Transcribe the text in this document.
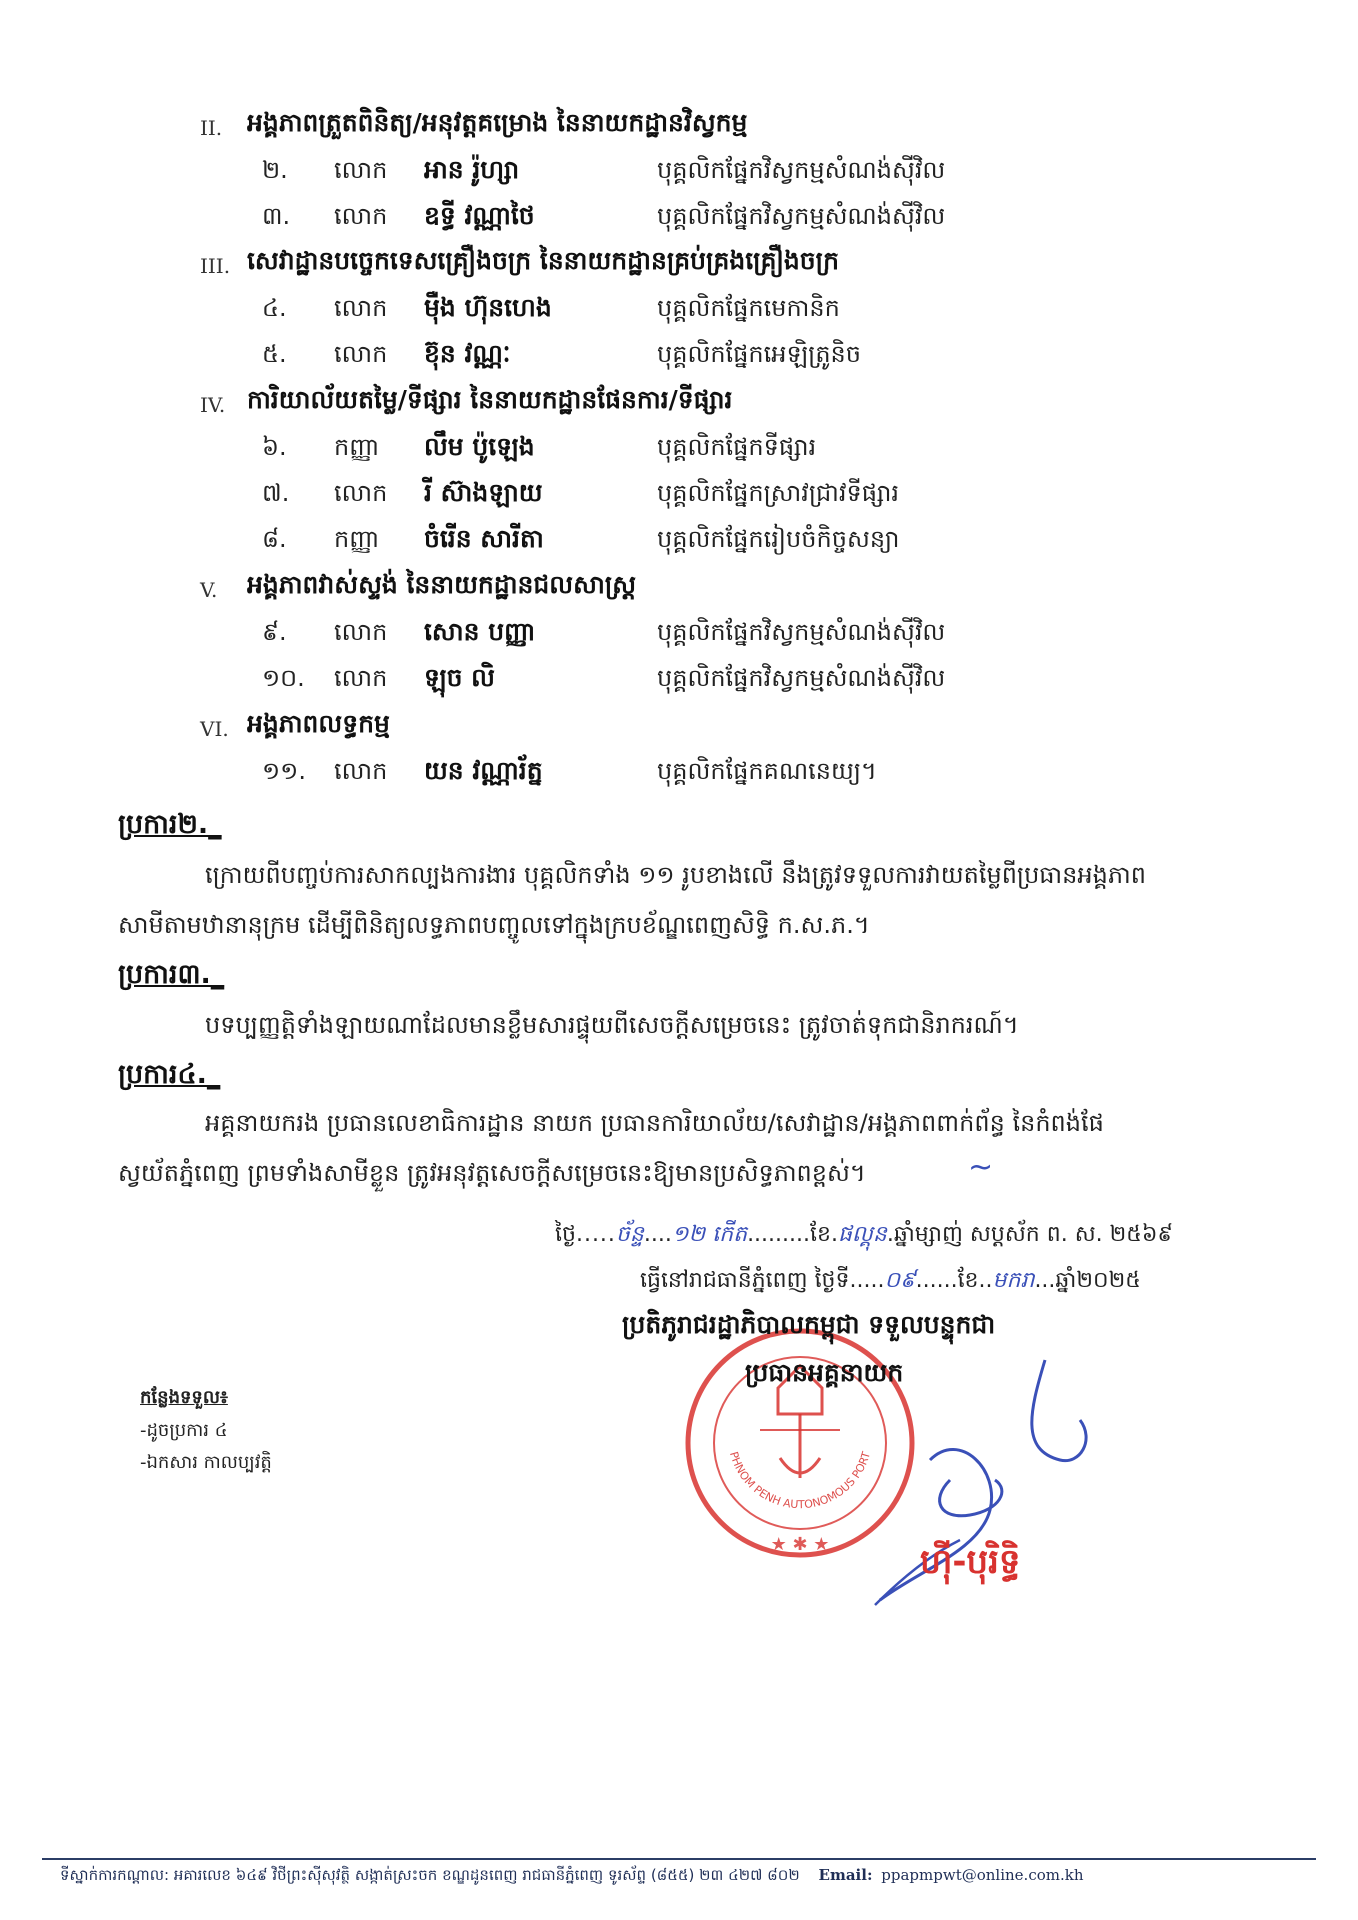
II. អង្គភាពត្រួតពិនិត្យ/អនុវត្តគម្រោង នៃនាយកដ្ឋានវិស្វកម្ម
២. លោក អាន រ៉ូហ្សា	បុគ្គលិកផ្នែកវិស្វកម្មសំណង់ស៊ីវិល
៣. លោក ឧទ្ធី វណ្ណាថៃ	បុគ្គលិកផ្នែកវិស្វកម្មសំណង់ស៊ីវិល
III. សេវាដ្ឋានបច្ចេកទេសគ្រឿងចក្រ នៃនាយកដ្ឋានគ្រប់គ្រងគ្រឿងចក្រ
៤. លោក ម៉ឺង ហ៊ុនហេង	បុគ្គលិកផ្នែកមេកានិក
៥. លោក ខ៊ុន វណ្ណៈ	បុគ្គលិកផ្នែកអេឡិត្រូនិច
IV. ការិយាល័យតម្លៃ/ទីផ្សារ នៃនាយកដ្ឋានផែនការ/ទីផ្សារ
៦. កញ្ញា លឹម ប៉ូឡេង	បុគ្គលិកផ្នែកទីផ្សារ
៧. លោក រី ស៊ាងឡាយ	បុគ្គលិកផ្នែកស្រាវជ្រាវទីផ្សារ
៨. កញ្ញា ចំរើន សារីតា	បុគ្គលិកផ្នែករៀបចំកិច្ចសន្យា
V. អង្គភាពវាស់ស្ទង់ នៃនាយកដ្ឋានជលសាស្ត្រ
៩. លោក សោន បញ្ញា	បុគ្គលិកផ្នែកវិស្វកម្មសំណង់ស៊ីវិល
១០. លោក ឡុច លិ	បុគ្គលិកផ្នែកវិស្វកម្មសំណង់ស៊ីវិល
VI. អង្គភាពលទ្ធកម្ម
១១. លោក យន វណ្ណារ័ត្ន	បុគ្គលិកផ្នែកគណនេយ្យ។
ប្រការ២._
ក្រោយពីបញ្ចប់ការសាកល្បងការងារ បុគ្គលិកទាំង ១១ រូបខាងលើ នឹងត្រូវទទួលការវាយតម្លៃពីប្រធានអង្គភាព
សាមីតាមឋានានុក្រម ដើម្បីពិនិត្យលទ្ធភាពបញ្ចូលទៅក្នុងក្របខ័ណ្ឌពេញសិទ្ធិ ក.ស.ភ.។
ប្រការ៣._
បទប្បញ្ញត្តិទាំងឡាយណាដែលមានខ្លឹមសារផ្ទុយពីសេចក្តីសម្រេចនេះ ត្រូវចាត់ទុកជានិរាករណ៍។
ប្រការ៤._
អគ្គនាយករង ប្រធានលេខាធិការដ្ឋាន នាយក ប្រធានការិយាល័យ/សេវាដ្ឋាន/អង្គភាពពាក់ព័ន្ធ នៃកំពង់ផែ
ស្វយ័តភ្នំពេញ ព្រមទាំងសាមីខ្លួន ត្រូវអនុវត្តសេចក្តីសម្រេចនេះឱ្យមានប្រសិទ្ធភាពខ្ពស់។	~
ថ្ងៃ.....ច័ន្ទ....១២ កើត.........ខែ.ផល្គុន.ឆ្នាំម្សាញ់ សប្តស័ក ព. ស. ២៥៦៩
ធ្វើនៅរាជធានីភ្នំពេញ ថ្ងៃទី.....០៩......ខែ..មករា...ឆ្នាំ២០២៥
PHNOM PENH AUTONOMOUS PORT
★ ✱ ★
ប្រតិភូរាជរដ្ឋាភិបាលកម្ពុជា ទទួលបន្ទុកជា
ប្រធានអគ្គនាយក
ហ៊ី-បុរិទ្ធិ
កន្លែងទទួល៖
-ដូចប្រការ ៤
-ឯកសារ កាលប្បវត្តិ
ទីស្នាក់ការកណ្តាល: អគារលេខ ៦៤៩ វិថីព្រះស៊ីសុវត្ថិ សង្កាត់ស្រះចក ខណ្ឌដូនពេញ រាជធានីភ្នំពេញ ទូរស័ព្ទ (៨៥៥) ២៣ ៤២៧ ៨០២ Email: ppapmpwt@online.com.kh
